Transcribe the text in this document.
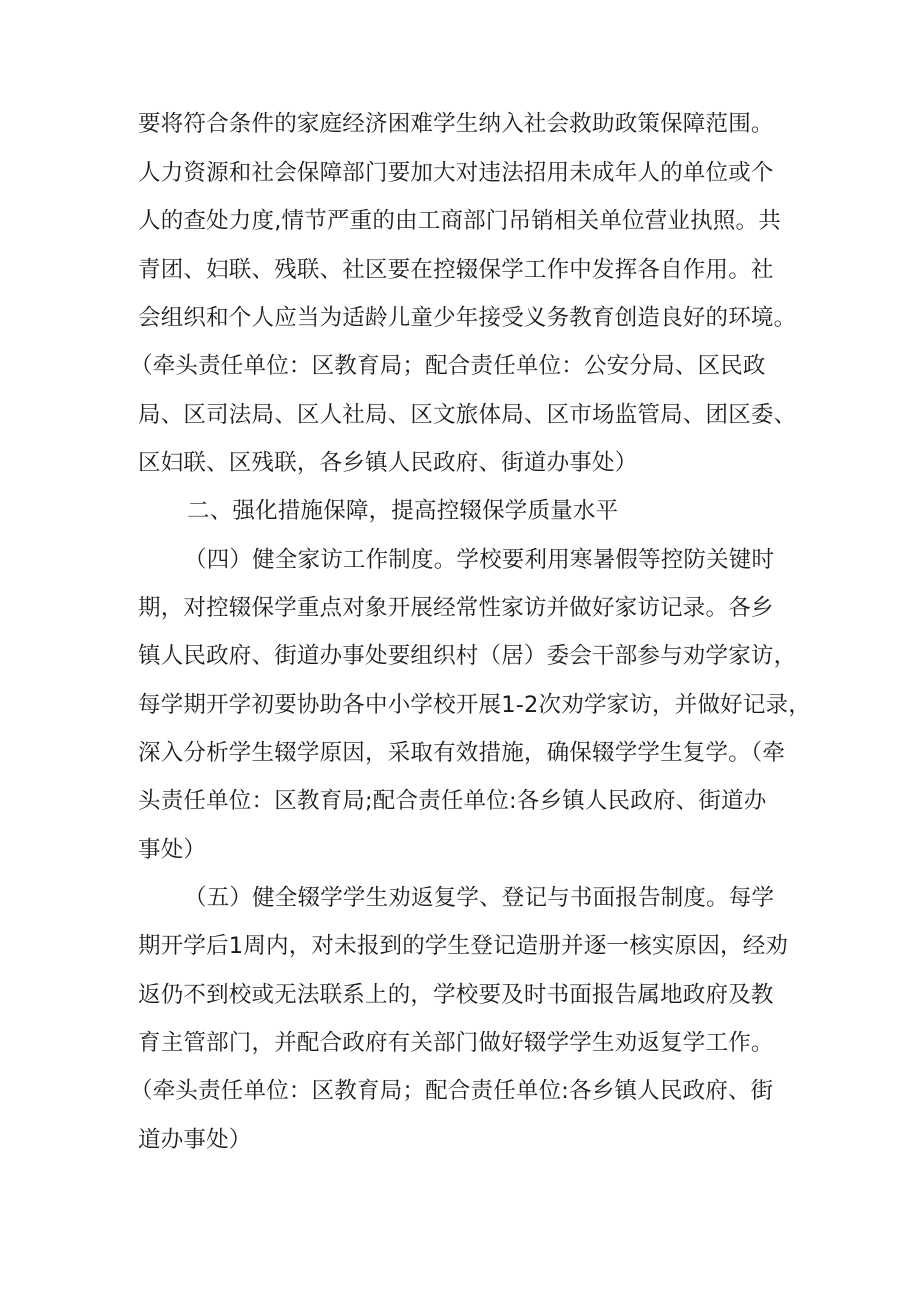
要将符合条件的家庭经济困难学生纳入社会救助政策保障范围。
人力资源和社会保障部门要加大对违法招用未成年人的单位或个
人的查处力度,情节严重的由工商部门吊销相关单位营业执照。共
青团、妇联、残联、社区要在控辍保学工作中发挥各自作用。社
会组织和个人应当为适龄儿童少年接受义务教育创造良好的环境。
（牵头责任单位：区教育局；配合责任单位：公安分局、区民政
局、区司法局、区人社局、区文旅体局、区市场监管局、团区委、
区妇联、区残联，各乡镇人民政府、街道办事处）
二、强化措施保障，提高控辍保学质量水平
（四）健全家访工作制度。学校要利用寒暑假等控防关键时
期，对控辍保学重点对象开展经常性家访并做好家访记录。各乡
镇人民政府、街道办事处要组织村（居）委会干部参与劝学家访，
每学期开学初要协助各中小学校开展1-2次劝学家访，并做好记录，
深入分析学生辍学原因，采取有效措施，确保辍学学生复学。（牵
头责任单位：区教育局;配合责任单位:各乡镇人民政府、街道办
事处）
（五）健全辍学学生劝返复学、登记与书面报告制度。每学
期开学后1周内，对未报到的学生登记造册并逐一核实原因，经劝
返仍不到校或无法联系上的，学校要及时书面报告属地政府及教
育主管部门，并配合政府有关部门做好辍学学生劝返复学工作。
（牵头责任单位：区教育局；配合责任单位:各乡镇人民政府、街
道办事处）
